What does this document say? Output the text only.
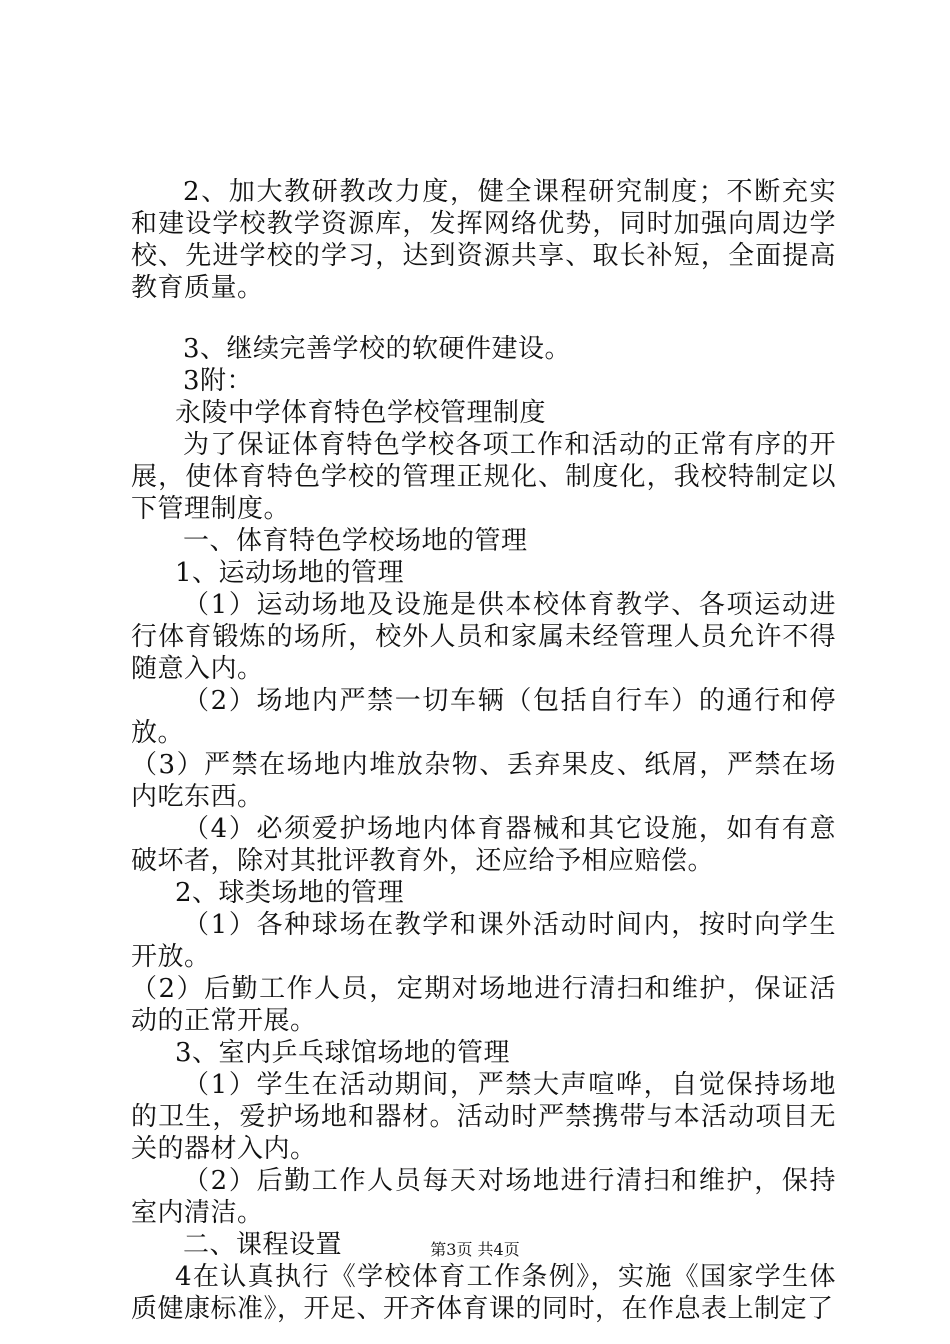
2、加大教研教改力度，健全课程研究制度；不断充实和建设学校教学资源库，发挥网络优势，同时加强向周边学校、先进学校的学习，达到资源共享、取长补短，全面提高教育质量。

3、继续完善学校的软硬件建设。

3附：

永陵中学体育特色学校管理制度

为了保证体育特色学校各项工作和活动的正常有序的开展，使体育特色学校的管理正规化、制度化，我校特制定以下管理制度。

一、体育特色学校场地的管理

1、运动场地的管理

（1）运动场地及设施是供本校体育教学、各项运动进行体育锻炼的场所，校外人员和家属未经管理人员允许不得随意入内。

（2）场地内严禁一切车辆（包括自行车）的通行和停放。

（3）严禁在场地内堆放杂物、丢弃果皮、纸屑，严禁在场内吃东西。

（4）必须爱护场地内体育器械和其它设施，如有有意破坏者，除对其批评教育外，还应给予相应赔偿。

2、球类场地的管理

（1）各种球场在教学和课外活动时间内，按时向学生开放。

（2）后勤工作人员，定期对场地进行清扫和维护，保证活动的正常开展。

3、室内乒乓球馆场地的管理

（1）学生在活动期间，严禁大声喧哗，自觉保持场地的卫生，爱护场地和器材。活动时严禁携带与本活动项目无关的器材入内。

（2）后勤工作人员每天对场地进行清扫和维护，保持室内清洁。

二、课程设置

4在认真执行《学校体育工作条例》，实施《国家学生体质健康标准》，开足、开齐体育课的同时，在作息表上制定了

第3页 共4页
